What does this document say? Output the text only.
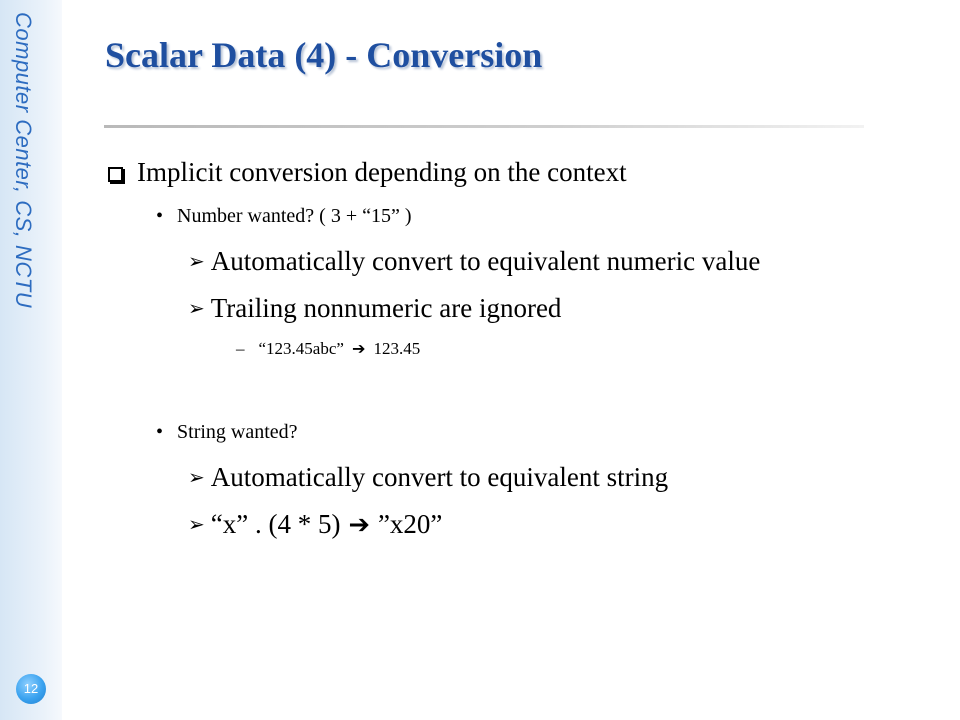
Computer Center, CS, NCTU
12
Scalar Data (4) - Conversion
Implicit conversion depending on the context
• Number wanted? ( 3 + “15” )
➢ Automatically convert to equivalent numeric value
➢ Trailing nonnumeric are ignored
– “123.45abc” ➔ 123.45
• String wanted?
➢ Automatically convert to equivalent string
➢ “x” . (4 * 5) ➔ ”x20”
